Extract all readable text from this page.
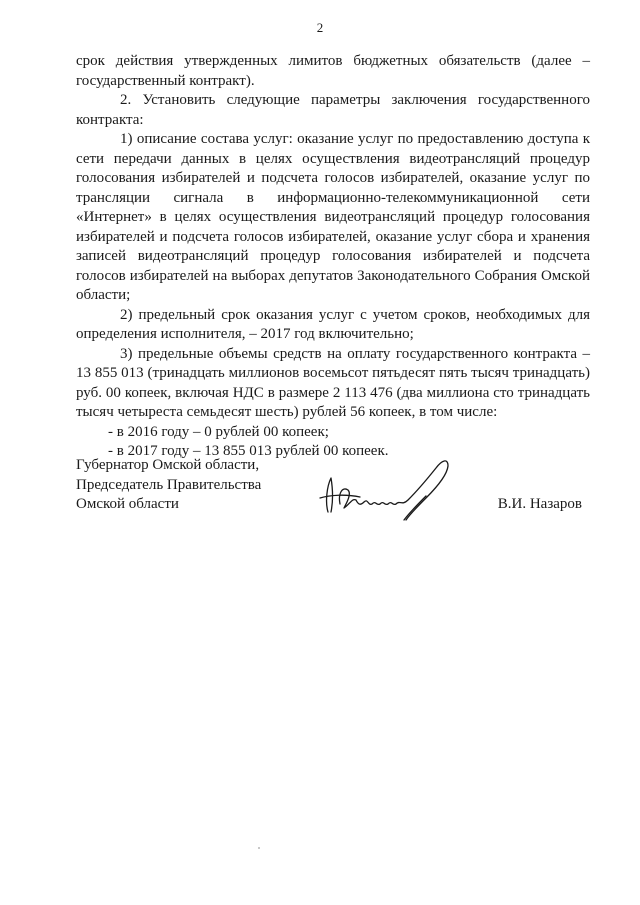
2

срок действия утвержденных лимитов бюджетных обязательств (далее – государственный контракт).

2. Установить следующие параметры заключения государственного контракта:

1) описание состава услуг: оказание услуг по предоставлению доступа к сети передачи данных в целях осуществления видеотрансляций процедур голосования избирателей и подсчета голосов избирателей, оказание услуг по трансляции сигнала в информационно-телекоммуникационной сети «Интернет» в целях осуществления видеотрансляций процедур голосования избирателей и подсчета голосов избирателей, оказание услуг сбора и хранения записей видеотрансляций процедур голосования избирателей и подсчета голосов избирателей на выборах депутатов Законодательного Собрания Омской области;

2) предельный срок оказания услуг с учетом сроков, необходимых для определения исполнителя, – 2017 год включительно;

3) предельные объемы средств на оплату государственного контракта – 13 855 013 (тринадцать миллионов восемьсот пятьдесят пять тысяч тринадцать) руб. 00 копеек, включая НДС в размере 2 113 476 (два миллиона сто тринадцать тысяч четыреста семьдесят шесть) рублей 56 копеек, в том числе:

- в 2016 году – 0 рублей 00 копеек;

- в 2017 году – 13 855 013 рублей 00 копеек.

Губернатор Омской области,
Председатель Правительства
Омской области	В.И. Назаров
